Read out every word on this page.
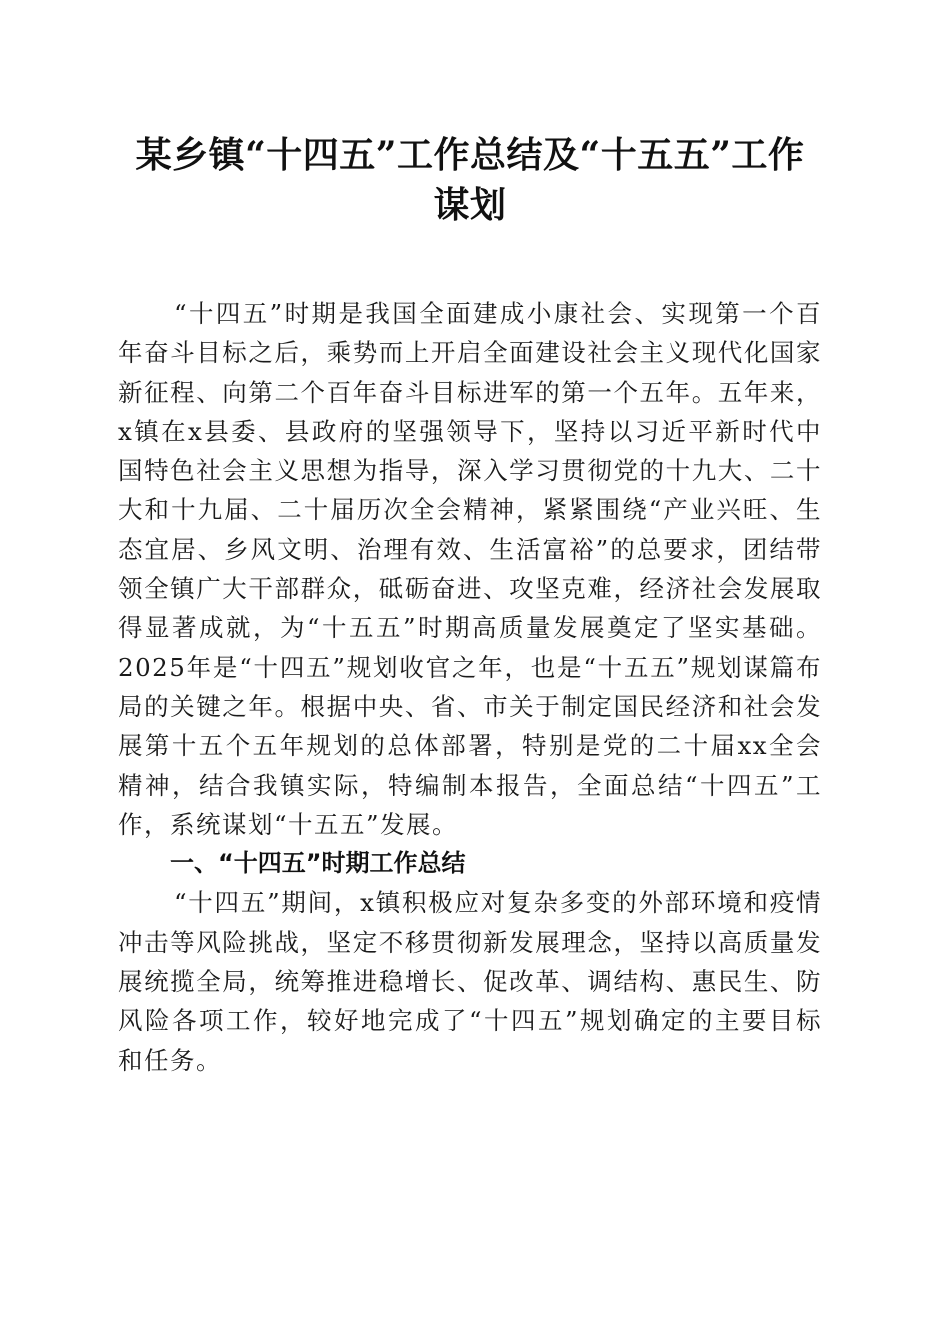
某乡镇“十四五”工作总结及“十五五”工作谋划

“十四五”时期是我国全面建成小康社会、实现第一个百年奋斗目标之后，乘势而上开启全面建设社会主义现代化国家新征程、向第二个百年奋斗目标进军的第一个五年。五年来，x镇在x县委、县政府的坚强领导下，坚持以习近平新时代中国特色社会主义思想为指导，深入学习贯彻党的十九大、二十大和十九届、二十届历次全会精神，紧紧围绕“产业兴旺、生态宜居、乡风文明、治理有效、生活富裕”的总要求，团结带领全镇广大干部群众，砥砺奋进、攻坚克难，经济社会发展取得显著成就，为“十五五”时期高质量发展奠定了坚实基础。2025年是“十四五”规划收官之年，也是“十五五”规划谋篇布局的关键之年。根据中央、省、市关于制定国民经济和社会发展第十五个五年规划的总体部署，特别是党的二十届xx全会精神，结合我镇实际，特编制本报告，全面总结“十四五”工作，系统谋划“十五五”发展。

一、“十四五”时期工作总结

“十四五”期间，x镇积极应对复杂多变的外部环境和疫情冲击等风险挑战，坚定不移贯彻新发展理念，坚持以高质量发展统揽全局，统筹推进稳增长、促改革、调结构、惠民生、防风险各项工作，较好地完成了“十四五”规划确定的主要目标和任务。
